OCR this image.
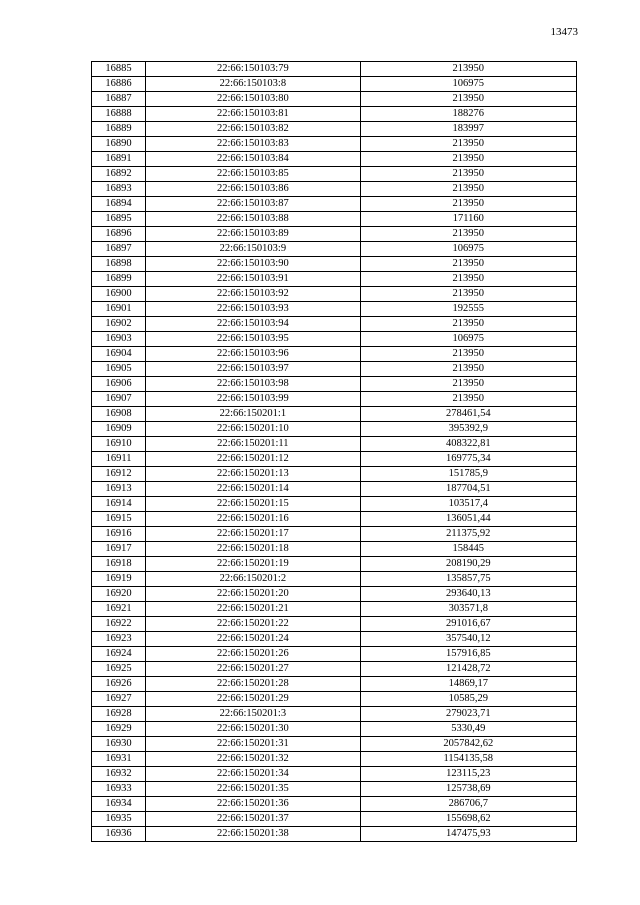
13473
16885	22:66:150103:79	213950
16886	22:66:150103:8	106975
16887	22:66:150103:80	213950
16888	22:66:150103:81	188276
16889	22:66:150103:82	183997
16890	22:66:150103:83	213950
16891	22:66:150103:84	213950
16892	22:66:150103:85	213950
16893	22:66:150103:86	213950
16894	22:66:150103:87	213950
16895	22:66:150103:88	171160
16896	22:66:150103:89	213950
16897	22:66:150103:9	106975
16898	22:66:150103:90	213950
16899	22:66:150103:91	213950
16900	22:66:150103:92	213950
16901	22:66:150103:93	192555
16902	22:66:150103:94	213950
16903	22:66:150103:95	106975
16904	22:66:150103:96	213950
16905	22:66:150103:97	213950
16906	22:66:150103:98	213950
16907	22:66:150103:99	213950
16908	22:66:150201:1	278461,54
16909	22:66:150201:10	395392,9
16910	22:66:150201:11	408322,81
16911	22:66:150201:12	169775,34
16912	22:66:150201:13	151785,9
16913	22:66:150201:14	187704,51
16914	22:66:150201:15	103517,4
16915	22:66:150201:16	136051,44
16916	22:66:150201:17	211375,92
16917	22:66:150201:18	158445
16918	22:66:150201:19	208190,29
16919	22:66:150201:2	135857,75
16920	22:66:150201:20	293640,13
16921	22:66:150201:21	303571,8
16922	22:66:150201:22	291016,67
16923	22:66:150201:24	357540,12
16924	22:66:150201:26	157916,85
16925	22:66:150201:27	121428,72
16926	22:66:150201:28	14869,17
16927	22:66:150201:29	10585,29
16928	22:66:150201:3	279023,71
16929	22:66:150201:30	5330,49
16930	22:66:150201:31	2057842,62
16931	22:66:150201:32	1154135,58
16932	22:66:150201:34	123115,23
16933	22:66:150201:35	125738,69
16934	22:66:150201:36	286706,7
16935	22:66:150201:37	155698,62
16936	22:66:150201:38	147475,93
